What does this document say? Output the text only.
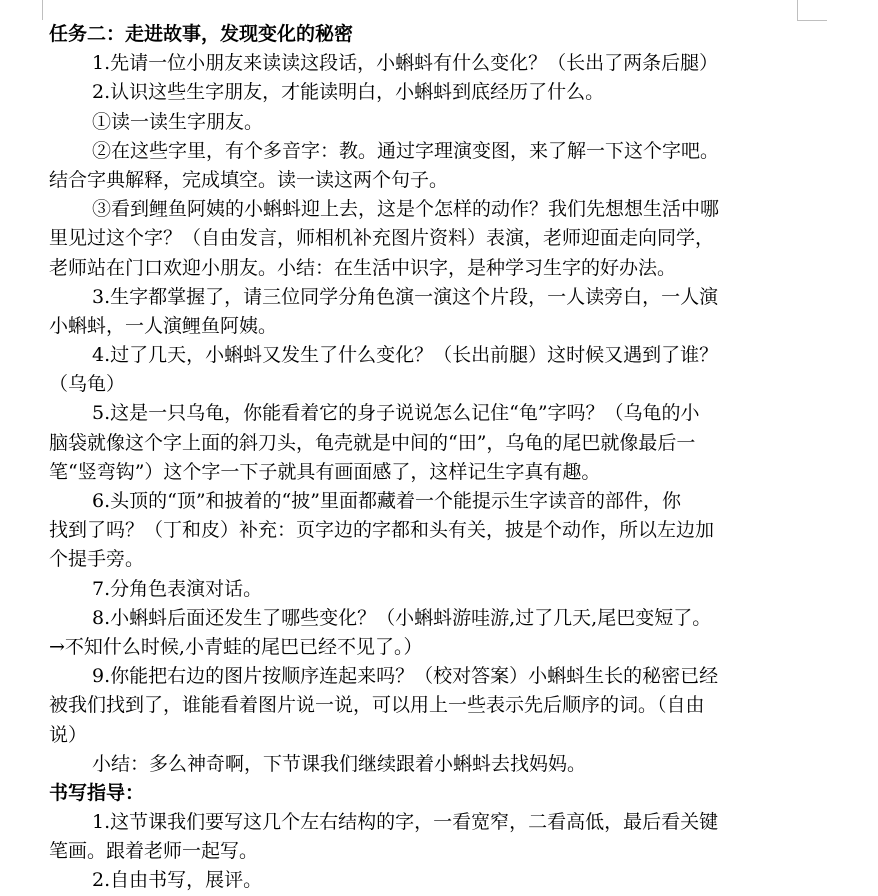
任务二：走进故事，发现变化的秘密
1.先请一位小朋友来读读这段话，小蝌蚪有什么变化？（长出了两条后腿）
2.认识这些生字朋友，才能读明白，小蝌蚪到底经历了什么。
①读一读生字朋友。
②在这些字里，有个多音字：教。通过字理演变图，来了解一下这个字吧。
结合字典解释，完成填空。读一读这两个句子。
③看到鲤鱼阿姨的小蝌蚪迎上去，这是个怎样的动作？我们先想想生活中哪
里见过这个字？（自由发言，师相机补充图片资料）表演，老师迎面走向同学，
老师站在门口欢迎小朋友。小结：在生活中识字，是种学习生字的好办法。
3.生字都掌握了，请三位同学分角色演一演这个片段，一人读旁白，一人演
小蝌蚪，一人演鲤鱼阿姨。
4.过了几天，小蝌蚪又发生了什么变化？（长出前腿）这时候又遇到了谁？
（乌龟）
5.这是一只乌龟，你能看着它的身子说说怎么记住“龟”字吗？（乌龟的小
脑袋就像这个字上面的斜刀头，龟壳就是中间的“田”，乌龟的尾巴就像最后一
笔“竖弯钩”）这个字一下子就具有画面感了，这样记生字真有趣。
6.头顶的“顶”和披着的“披”里面都藏着一个能提示生字读音的部件，你
找到了吗？（丁和皮）补充：页字边的字都和头有关，披是个动作，所以左边加
个提手旁。
7.分角色表演对话。
8.小蝌蚪后面还发生了哪些变化？（小蝌蚪游哇游,过了几天,尾巴变短了。
→不知什么时候,小青蛙的尾巴已经不见了。）
9.你能把右边的图片按顺序连起来吗？（校对答案）小蝌蚪生长的秘密已经
被我们找到了，谁能看着图片说一说，可以用上一些表示先后顺序的词。（自由
说）
小结：多么神奇啊，下节课我们继续跟着小蝌蚪去找妈妈。
书写指导：
1.这节课我们要写这几个左右结构的字，一看宽窄，二看高低，最后看关键
笔画。跟着老师一起写。
2.自由书写，展评。
